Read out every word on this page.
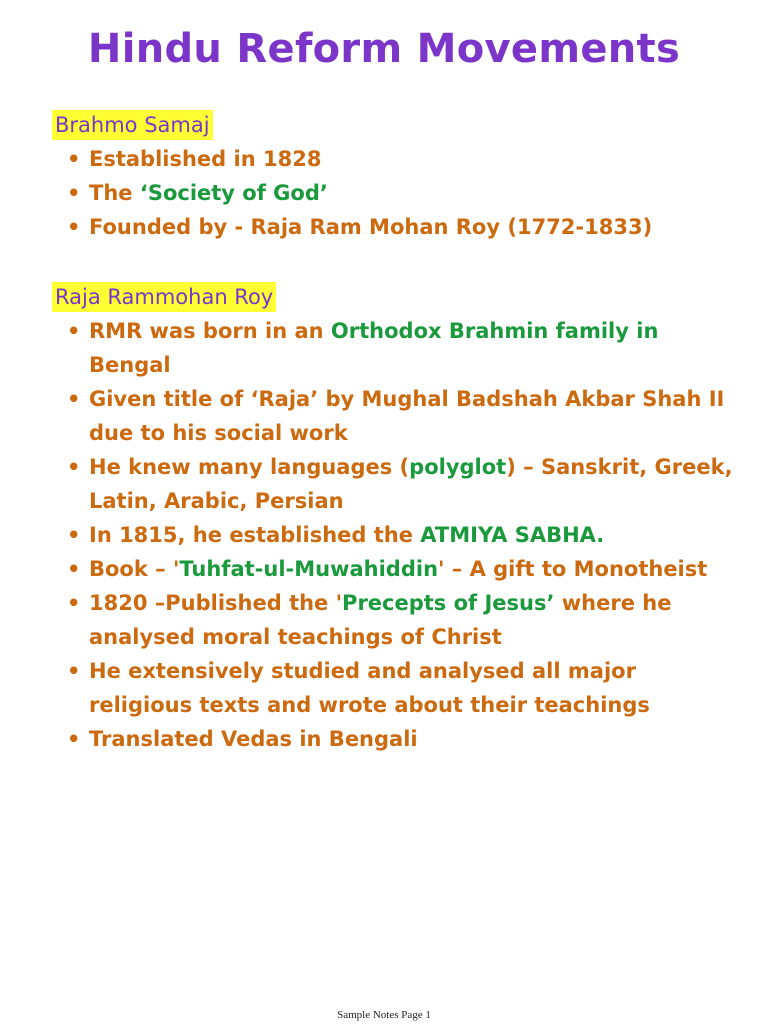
Hindu Reform Movements
Brahmo Samaj
• Established in 1828
• The ‘Society of God’
• Founded by - Raja Ram Mohan Roy (1772-1833)
Raja Rammohan Roy
• RMR was born in an Orthodox Brahmin family in Bengal
• Given title of ‘Raja’ by Mughal Badshah Akbar Shah II due to his social work
• He knew many languages (polyglot) – Sanskrit, Greek, Latin, Arabic, Persian
• In 1815, he established the ATMIYA SABHA.
• Book – 'Tuhfat-ul-Muwahiddin' – A gift to Monotheist
• 1820 –Published the 'Precepts of Jesus’ where he analysed moral teachings of Christ
• He extensively studied and analysed all major religious texts and wrote about their teachings
• Translated Vedas in Bengali
Sample Notes Page 1
